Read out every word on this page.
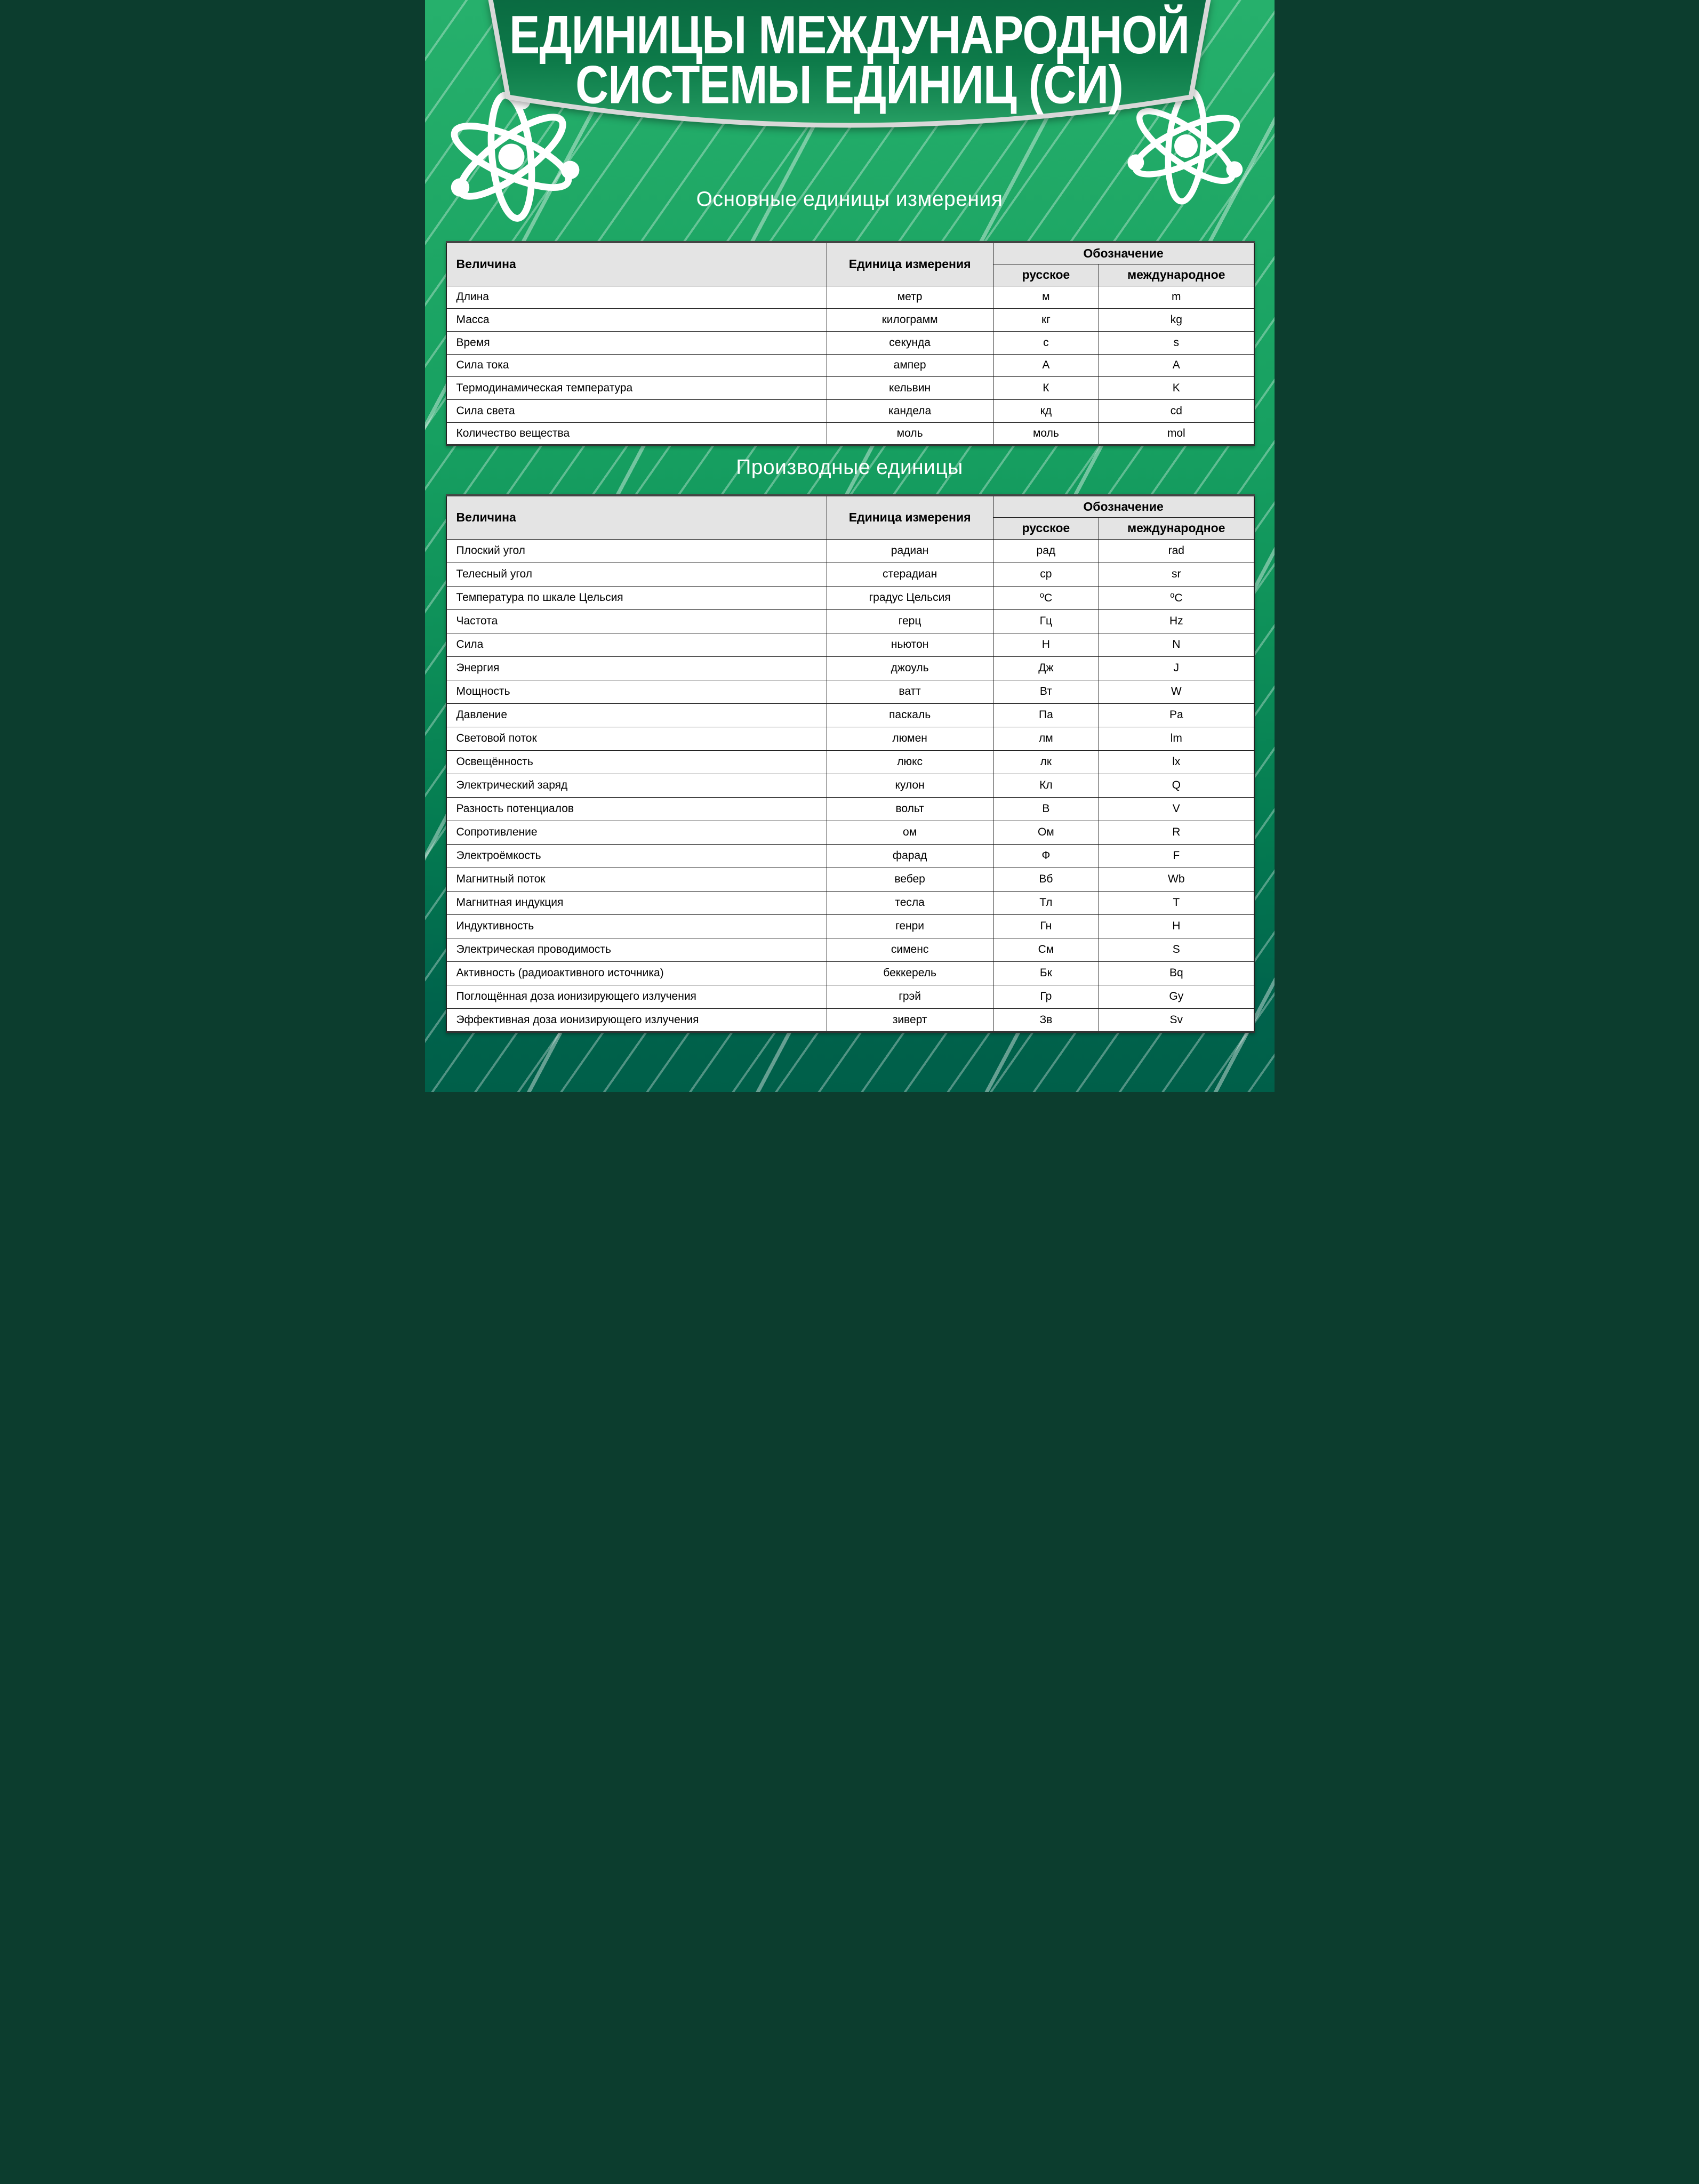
ЕДИНИЦЫ МЕЖДУНАРОДНОЙ
СИСТЕМЫ ЕДИНИЦ (СИ)
Основные единицы измерения
Величина	Единица измерения	Обозначение	
		русское	международное
Длина	метр	м	m
Масса	килограмм	кг	kg
Время	секунда	с	s
Сила тока	ампер	А	A
Термодинамическая температура	кельвин	К	K
Сила света	кандела	кд	cd
Количество вещества	моль	моль	mol
Производные единицы
Величина	Единица измерения	Обозначение	
		русское	международное
Плоский угол	радиан	рад	rad
Телесный угол	стерадиан	ср	sr
Температура по шкале Цельсия	градус Цельсия	⁰С	⁰C
Частота	герц	Гц	Hz
Сила	ньютон	Н	N
Энергия	джоуль	Дж	J
Мощность	ватт	Вт	W
Давление	паскаль	Па	Pa
Световой поток	люмен	лм	lm
Освещённость	люкс	лк	lx
Электрический заряд	кулон	Кл	Q
Разность потенциалов	вольт	В	V
Сопротивление	ом	Ом	R
Электроёмкость	фарад	Ф	F
Магнитный поток	вебер	Вб	Wb
Магнитная индукция	тесла	Тл	T
Индуктивность	генри	Гн	H
Электрическая проводимость	сименс	См	S
Активность (радиоактивного источника)	беккерель	Бк	Bq
Поглощённая доза ионизирующего излучения	грэй	Гр	Gy
Эффективная доза ионизирующего излучения	зиверт	Зв	Sv
